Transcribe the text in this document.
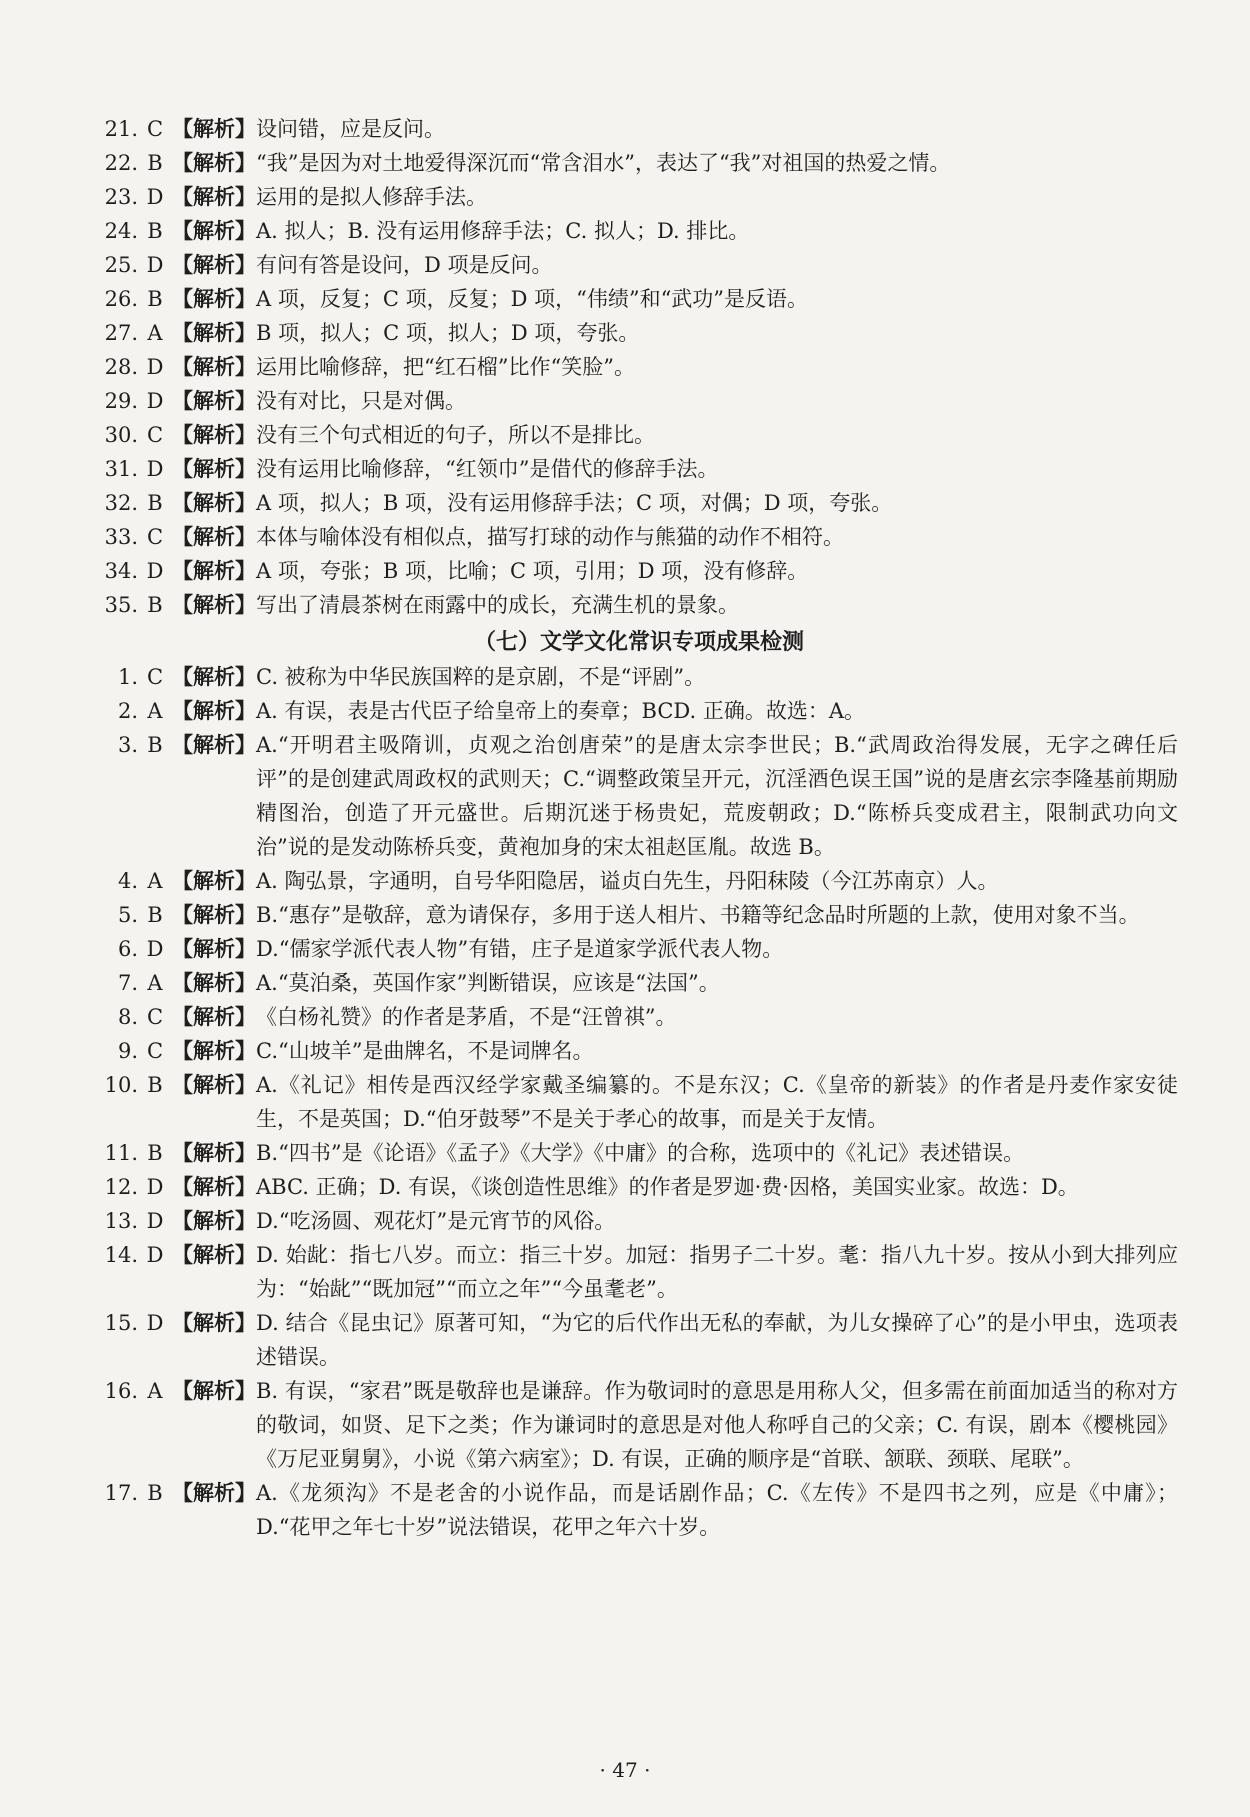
21. C 【解析】 设问错，应是反问。
22. B 【解析】 “我”是因为对土地爱得深沉而“常含泪水”，表达了“我”对祖国的热爱之情。
23. D 【解析】 运用的是拟人修辞手法。
24. B 【解析】 A. 拟人；B. 没有运用修辞手法；C. 拟人；D. 排比。
25. D 【解析】 有问有答是设问，D 项是反问。
26. B 【解析】 A 项，反复；C 项，反复；D 项，“伟绩”和“武功”是反语。
27. A 【解析】 B 项，拟人；C 项，拟人；D 项，夸张。
28. D 【解析】 运用比喻修辞，把“红石榴”比作“笑脸”。
29. D 【解析】 没有对比，只是对偶。
30. C 【解析】 没有三个句式相近的句子，所以不是排比。
31. D 【解析】 没有运用比喻修辞，“红领巾”是借代的修辞手法。
32. B 【解析】 A 项，拟人；B 项，没有运用修辞手法；C 项，对偶；D 项，夸张。
33. C 【解析】 本体与喻体没有相似点，描写打球的动作与熊猫的动作不相符。
34. D 【解析】 A 项，夸张；B 项，比喻；C 项，引用；D 项，没有修辞。
35. B 【解析】 写出了清晨茶树在雨露中的成长，充满生机的景象。
（七）文学文化常识专项成果检测
1. C 【解析】 C. 被称为中华民族国粹的是京剧，不是“评剧”。
2. A 【解析】 A. 有误，表是古代臣子给皇帝上的奏章；BCD. 正确。故选：A。
3. B 【解析】 A.“开明君主吸隋训，贞观之治创唐荣”的是唐太宗李世民；B.“武周政治得发展，无字之碑任后评”的是创建武周政权的武则天；C.“调整政策呈开元，沉淫酒色误王国”说的是唐玄宗李隆基前期励精图治，创造了开元盛世。后期沉迷于杨贵妃，荒废朝政；D.“陈桥兵变成君主，限制武功向文治”说的是发动陈桥兵变，黄袍加身的宋太祖赵匡胤。故选 B。
4. A 【解析】 A. 陶弘景，字通明，自号华阳隐居，谥贞白先生，丹阳秣陵（今江苏南京）人。
5. B 【解析】 B.“惠存”是敬辞，意为请保存，多用于送人相片、书籍等纪念品时所题的上款，使用对象不当。
6. D 【解析】 D.“儒家学派代表人物”有错，庄子是道家学派代表人物。
7. A 【解析】 A.“莫泊桑，英国作家”判断错误，应该是“法国”。
8. C 【解析】 《白杨礼赞》的作者是茅盾，不是“汪曾祺”。
9. C 【解析】 C.“山坡羊”是曲牌名，不是词牌名。
10. B 【解析】 A.《礼记》相传是西汉经学家戴圣编纂的。不是东汉；C.《皇帝的新装》的作者是丹麦作家安徒生，不是英国；D.“伯牙鼓琴”不是关于孝心的故事，而是关于友情。
11. B 【解析】 B.“四书”是《论语》《孟子》《大学》《中庸》的合称，选项中的《礼记》表述错误。
12. D 【解析】 ABC. 正确；D. 有误，《谈创造性思维》的作者是罗迦·费·因格，美国实业家。故选：D。
13. D 【解析】 D.“吃汤圆、观花灯”是元宵节的风俗。
14. D 【解析】 D. 始龀：指七八岁。而立：指三十岁。加冠：指男子二十岁。耄：指八九十岁。按从小到大排列应为：“始龀”“既加冠”“而立之年”“今虽耄老”。
15. D 【解析】 D. 结合《昆虫记》原著可知，“为它的后代作出无私的奉献，为儿女操碎了心”的是小甲虫，选项表述错误。
16. A 【解析】 B. 有误，“家君”既是敬辞也是谦辞。作为敬词时的意思是用称人父，但多需在前面加适当的称对方的敬词，如贤、足下之类；作为谦词时的意思是对他人称呼自己的父亲；C. 有误，剧本《樱桃园》《万尼亚舅舅》，小说《第六病室》；D. 有误，正确的顺序是“首联、颔联、颈联、尾联”。
17. B 【解析】 A.《龙须沟》不是老舍的小说作品，而是话剧作品；C.《左传》不是四书之列，应是《中庸》；D.“花甲之年七十岁”说法错误，花甲之年六十岁。
· 47 ·
